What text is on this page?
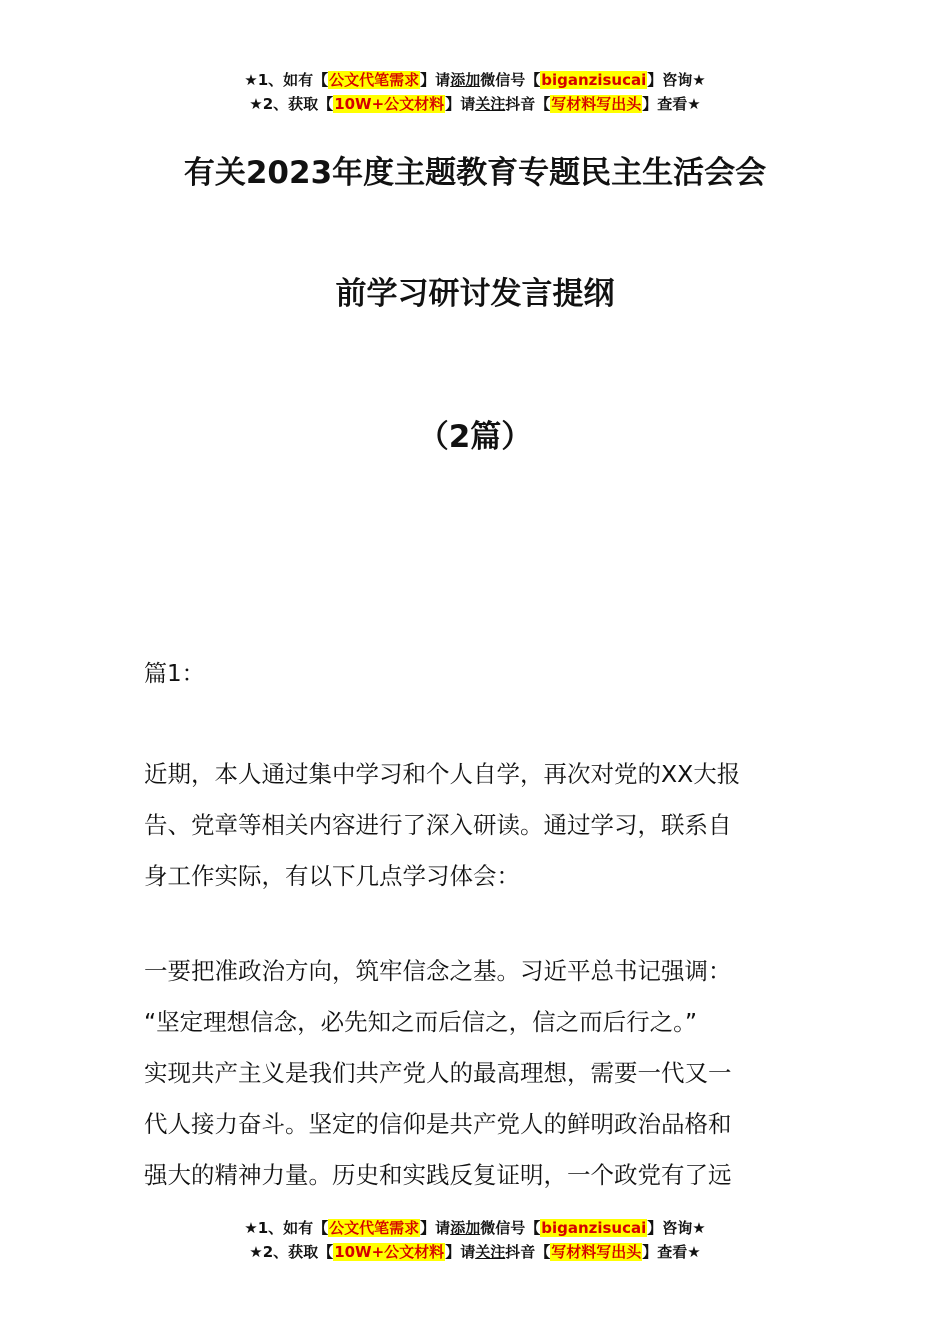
★1、如有【公文代笔需求】请添加微信号【biganzisucai】咨询★
★2、获取【10W+公文材料】请关注抖音【写材料写出头】查看★
有关2023年度主题教育专题民主生活会会
前学习研讨发言提纲
（2篇）
篇1：
近期，本人通过集中学习和个人自学，再次对党的XX大报
告、党章等相关内容进行了深入研读。通过学习，联系自
身工作实际，有以下几点学习体会：
一要把准政治方向，筑牢信念之基。习近平总书记强调：
“坚定理想信念，必先知之而后信之，信之而后行之。”
实现共产主义是我们共产党人的最高理想，需要一代又一
代人接力奋斗。坚定的信仰是共产党人的鲜明政治品格和
强大的精神力量。历史和实践反复证明，一个政党有了远
★1、如有【公文代笔需求】请添加微信号【biganzisucai】咨询★
★2、获取【10W+公文材料】请关注抖音【写材料写出头】查看★
